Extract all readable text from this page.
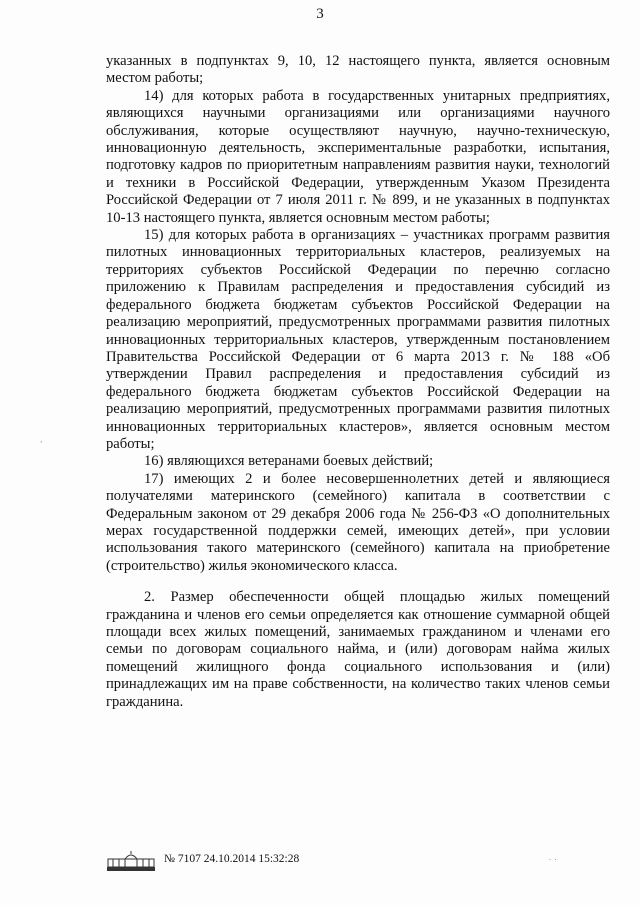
3

указанных в подпунктах 9, 10, 12 настоящего пункта, является основным местом работы;

14) для которых работа в государственных унитарных предприятиях, являющихся научными организациями или организациями научного обслуживания, которые осуществляют научную, научно-техническую, инновационную деятельность, экспериментальные разработки, испытания, подготовку кадров по приоритетным направлениям развития науки, технологий и техники в Российской Федерации, утвержденным Указом Президента Российской Федерации от 7 июля 2011 г. № 899, и не указанных в подпунктах 10-13 настоящего пункта, является основным местом работы;

15) для которых работа в организациях – участниках программ развития пилотных инновационных территориальных кластеров, реализуемых на территориях субъектов Российской Федерации по перечню согласно приложению к Правилам распределения и предоставления субсидий из федерального бюджета бюджетам субъектов Российской Федерации на реализацию мероприятий, предусмотренных программами развития пилотных инновационных территориальных кластеров, утвержденным постановлением Правительства Российской Федерации от 6 марта 2013 г. № 188 «Об утверждении Правил распределения и предоставления субсидий из федерального бюджета бюджетам субъектов Российской Федерации на реализацию мероприятий, предусмотренных программами развития пилотных инновационных территориальных кластеров», является основным местом работы;

16) являющихся ветеранами боевых действий;

17) имеющих 2 и более несовершеннолетних детей и являющиеся получателями материнского (семейного) капитала в соответствии с Федеральным законом от 29 декабря 2006 года № 256-ФЗ «О дополнительных мерах государственной поддержки семей, имеющих детей», при условии использования такого материнского (семейного) капитала на приобретение (строительство) жилья экономического класса.

2. Размер обеспеченности общей площадью жилых помещений гражданина и членов его семьи определяется как отношение суммарной общей площади всех жилых помещений, занимаемых гражданином и членами его семьи по договорам социального найма, и (или) договорам найма жилых помещений жилищного фонда социального использования и (или) принадлежащих им на праве собственности, на количество таких членов семьи гражданина.

ˋ
˙ ˙
№ 7107 24.10.2014 15:32:28
